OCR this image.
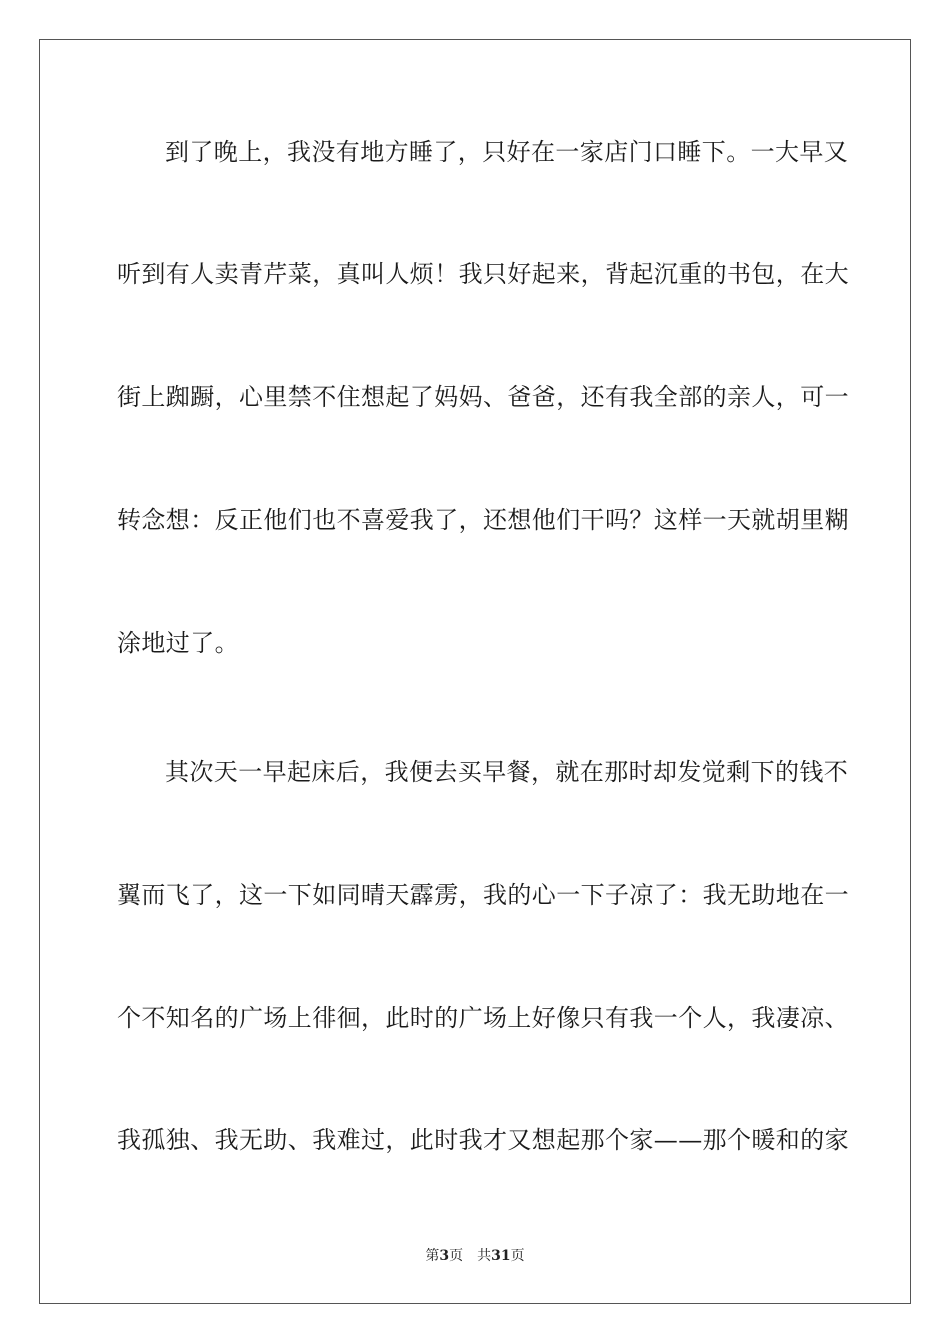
到了晚上，我没有地方睡了，只好在一家店门口睡下。一大早又
听到有人卖青芹菜，真叫人烦！我只好起来，背起沉重的书包，在大
街上踟蹰，心里禁不住想起了妈妈、爸爸，还有我全部的亲人，可一
转念想：反正他们也不喜爱我了，还想他们干吗？这样一天就胡里糊
涂地过了。
其次天一早起床后，我便去买早餐，就在那时却发觉剩下的钱不
翼而飞了，这一下如同晴天霹雳，我的心一下子凉了：我无助地在一
个不知名的广场上徘徊，此时的广场上好像只有我一个人，我凄凉、
我孤独、我无助、我难过，此时我才又想起那个家——那个暖和的家
第3页 共31页
